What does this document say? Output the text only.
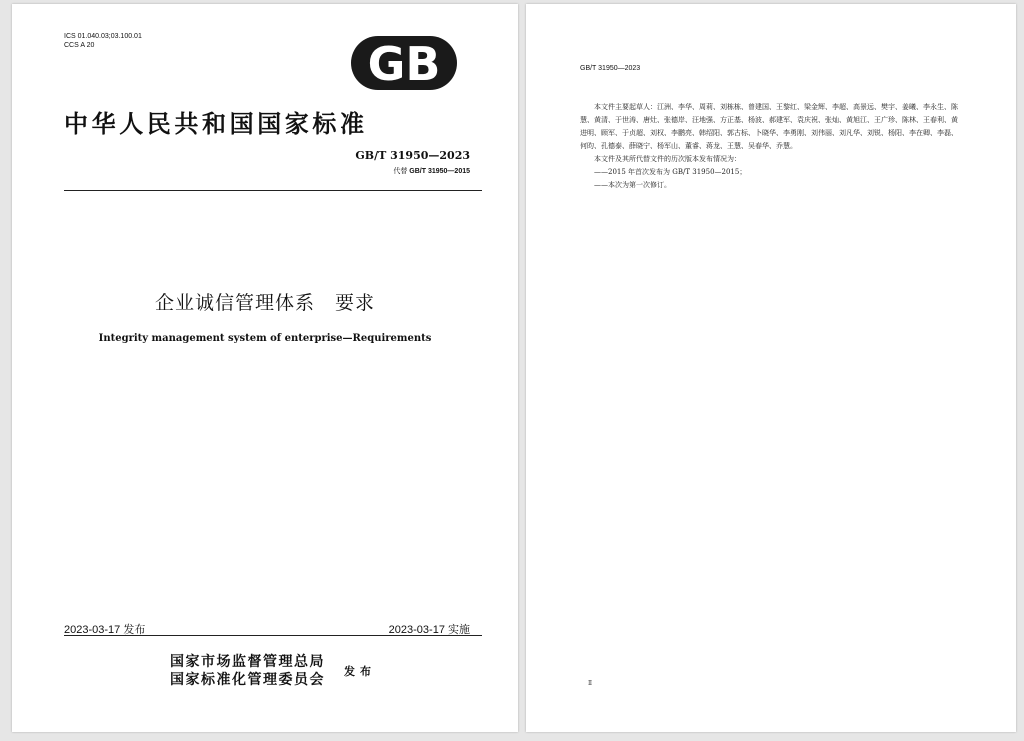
ICS 01.040.03;03.100.01
CCS A 20	GB
中华人民共和国国家标准
GB/T 31950—2023
代替 GB/T 31950—2015
企业诚信管理体系　要求
Integrity management system of enterprise—Requirements
2023-03-17 发布	2023-03-17 实施
国家市场监督管理总局
国家标准化管理委员会
发布
GB/T 31950—2023

本文件主要起草人：江洲、李华、周莉、刘栋栋、曾建国、王黎红、梁金辉、李超、高景远、樊宇、姜曦、李永生、陈慧、黄清、于世涛、唐灶、张德岸、汪地强、方正基、杨波、郝建军、袁庆祝、张灿、黄旭江、王广珍、陈林、王春利、黄进明、顾军、于贞超、刘权、李鹏亮、韩绍阳、郭古标、卜晓华、李勇刚、刘伟丽、刘凡华、刘锐、杨阳、李在卿、李磊、何昀、孔德泰、薛晓宁、杨军山、董睿、蒋龙、王慧、吴春华、乔慧。

本文件及其所代替文件的历次版本发布情况为：

——2015 年首次发布为 GB/T 31950—2015；

——本次为第一次修订。

Ⅱ
